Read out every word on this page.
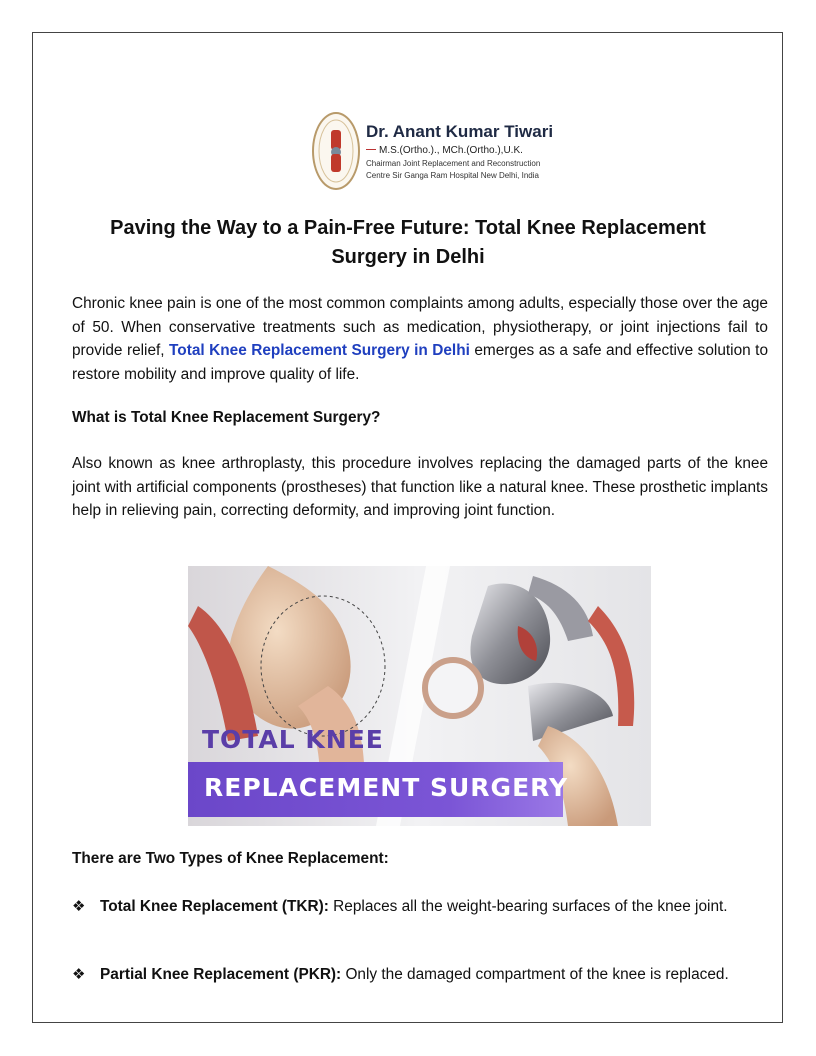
Dr. Anant Kumar Tiwari
M.S.(Ortho.)., MCh.(Ortho.),U.K.
Chairman Joint Replacement and Reconstruction
Centre Sir Ganga Ram Hospital New Delhi, India
Paving the Way to a Pain-Free Future: Total Knee Replacement Surgery in Delhi

Chronic knee pain is one of the most common complaints among adults, especially those over the age of 50. When conservative treatments such as medication, physiotherapy, or joint injections fail to provide relief, Total Knee Replacement Surgery in Delhi emerges as a safe and effective solution to restore mobility and improve quality of life.

What is Total Knee Replacement Surgery?

Also known as knee arthroplasty, this procedure involves replacing the damaged parts of the knee joint with artificial components (prostheses) that function like a natural knee. These prosthetic implants help in relieving pain, correcting deformity, and improving joint function.

TOTAL KNEE
REPLACEMENT SURGERY
There are Two Types of Knee Replacement:

❖ Total Knee Replacement (TKR): Replaces all the weight-bearing surfaces of the knee joint.

❖ Partial Knee Replacement (PKR): Only the damaged compartment of the knee is replaced.
